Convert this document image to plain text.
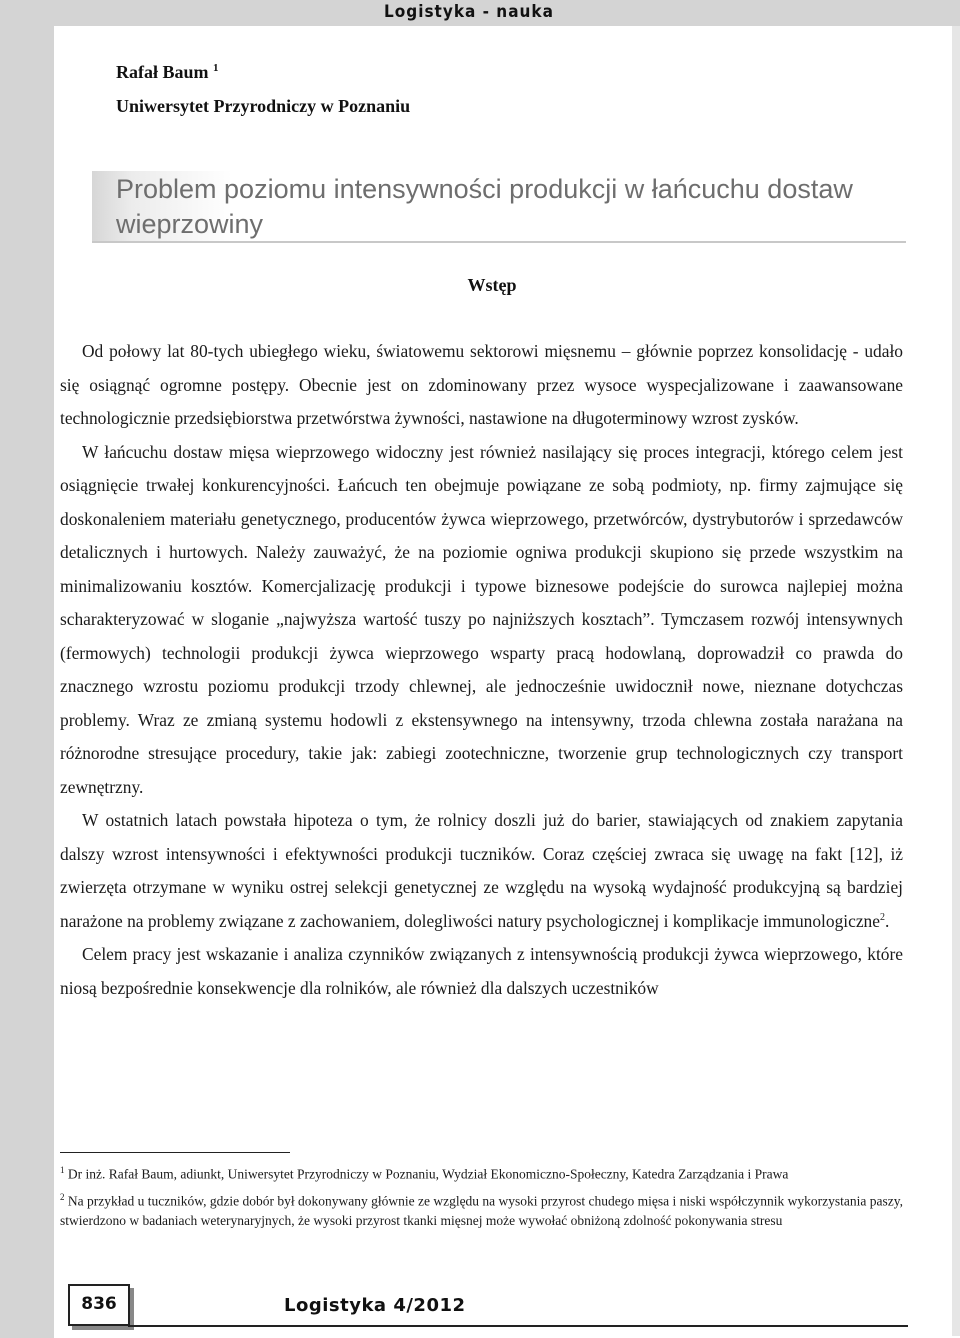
Logistyka - nauka
Rafał Baum $^1$
Uniwersytet Przyrodniczy w Poznaniu
Problem poziomu intensywności produkcji w łańcuchu dostaw wieprzowiny
Wstęp

Od połowy lat 80-tych ubiegłego wieku, światowemu sektorowi mięsnemu – głównie poprzez konsolidację - udało się osiągnąć ogromne postępy. Obecnie jest on zdominowany przez wysoce wyspecjalizowane i zaawansowane technologicznie przedsiębiorstwa przetwórstwa żywności, nastawione na długoterminowy wzrost zysków.

W łańcuchu dostaw mięsa wieprzowego widoczny jest również nasilający się proces integracji, którego celem jest osiągnięcie trwałej konkurencyjności. Łańcuch ten obejmuje powiązane ze sobą podmioty, np. firmy zajmujące się doskonaleniem materiału genetycznego, producentów żywca wieprzowego, przetwórców, dystrybutorów i sprzedawców detalicznych i hurtowych. Należy zauważyć, że na poziomie ogniwa produkcji skupiono się przede wszystkim na minimalizowaniu kosztów. Komercjalizację produkcji i typowe biznesowe podejście do surowca najlepiej można scharakteryzować w sloganie „najwyższa wartość tuszy po najniższych kosztach”. Tymczasem rozwój intensywnych (fermowych) technologii produkcji żywca wieprzowego wsparty pracą hodowlaną, doprowadził co prawda do znacznego wzrostu poziomu produkcji trzody chlewnej, ale jednocześnie uwidocznił nowe, nieznane dotychczas problemy. Wraz ze zmianą systemu hodowli z ekstensywnego na intensywny, trzoda chlewna została narażana na różnorodne stresujące procedury, takie jak: zabiegi zootechniczne, tworzenie grup technologicznych czy transport zewnętrzny.

W ostatnich latach powstała hipoteza o tym, że rolnicy doszli już do barier, stawiających od znakiem zapytania dalszy wzrost intensywności i efektywności produkcji tuczników. Coraz częściej zwraca się uwagę na fakt [12], iż zwierzęta otrzymane w wyniku ostrej selekcji genetycznej ze względu na wysoką wydajność produkcyjną są bardziej narażone na problemy związane z zachowaniem, dolegliwości natury psychologicznej i komplikacje immunologiczne$^2$.

Celem pracy jest wskazanie i analiza czynników związanych z intensywnością produkcji żywca wieprzowego, które niosą bezpośrednie konsekwencje dla rolników, ale również dla dalszych uczestników

$^1$ Dr inż. Rafał Baum, adiunkt, Uniwersytet Przyrodniczy w Poznaniu, Wydział Ekonomiczno-Społeczny, Katedra Zarządzania i Prawa

$^2$ Na przykład u tuczników, gdzie dobór był dokonywany głównie ze względu na wysoki przyrost chudego mięsa i niski współczynnik wykorzystania paszy, stwierdzono w badaniach weterynaryjnych, że wysoki przyrost tkanki mięsnej może wywołać obniżoną zdolność pokonywania stresu

836	Logistyka 4/2012
